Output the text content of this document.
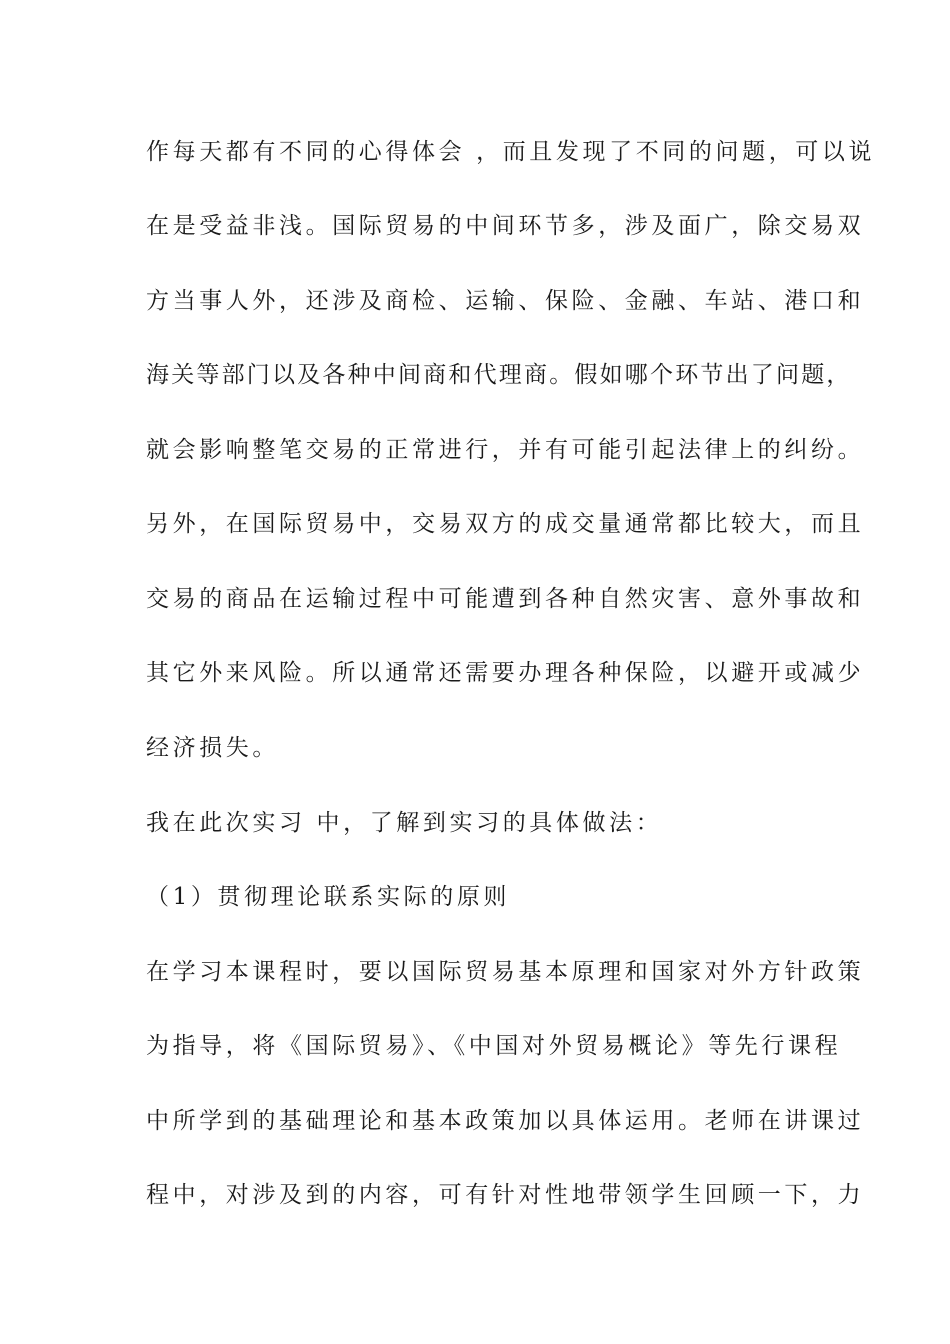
作每天都有不同的心得体会 ，而且发现了不同的问题，可以说
在是受益非浅。国际贸易的中间环节多，涉及面广，除交易双
方当事人外，还涉及商检、运输、保险、金融、车站、港口和
海关等部门以及各种中间商和代理商。假如哪个环节出了问题，
就会影响整笔交易的正常进行，并有可能引起法律上的纠纷。
另外，在国际贸易中，交易双方的成交量通常都比较大，而且
交易的商品在运输过程中可能遭到各种自然灾害、意外事故和
其它外来风险。所以通常还需要办理各种保险，以避开或减少
经济损失。
我在此次实习 中，了解到实习的具体做法：
（1）贯彻理论联系实际的原则
在学习本课程时，要以国际贸易基本原理和国家对外方针政策
为指导，将《国际贸易》、《中国对外贸易概论》等先行课程
中所学到的基础理论和基本政策加以具体运用。老师在讲课过
程中，对涉及到的内容，可有针对性地带领学生回顾一下，力
